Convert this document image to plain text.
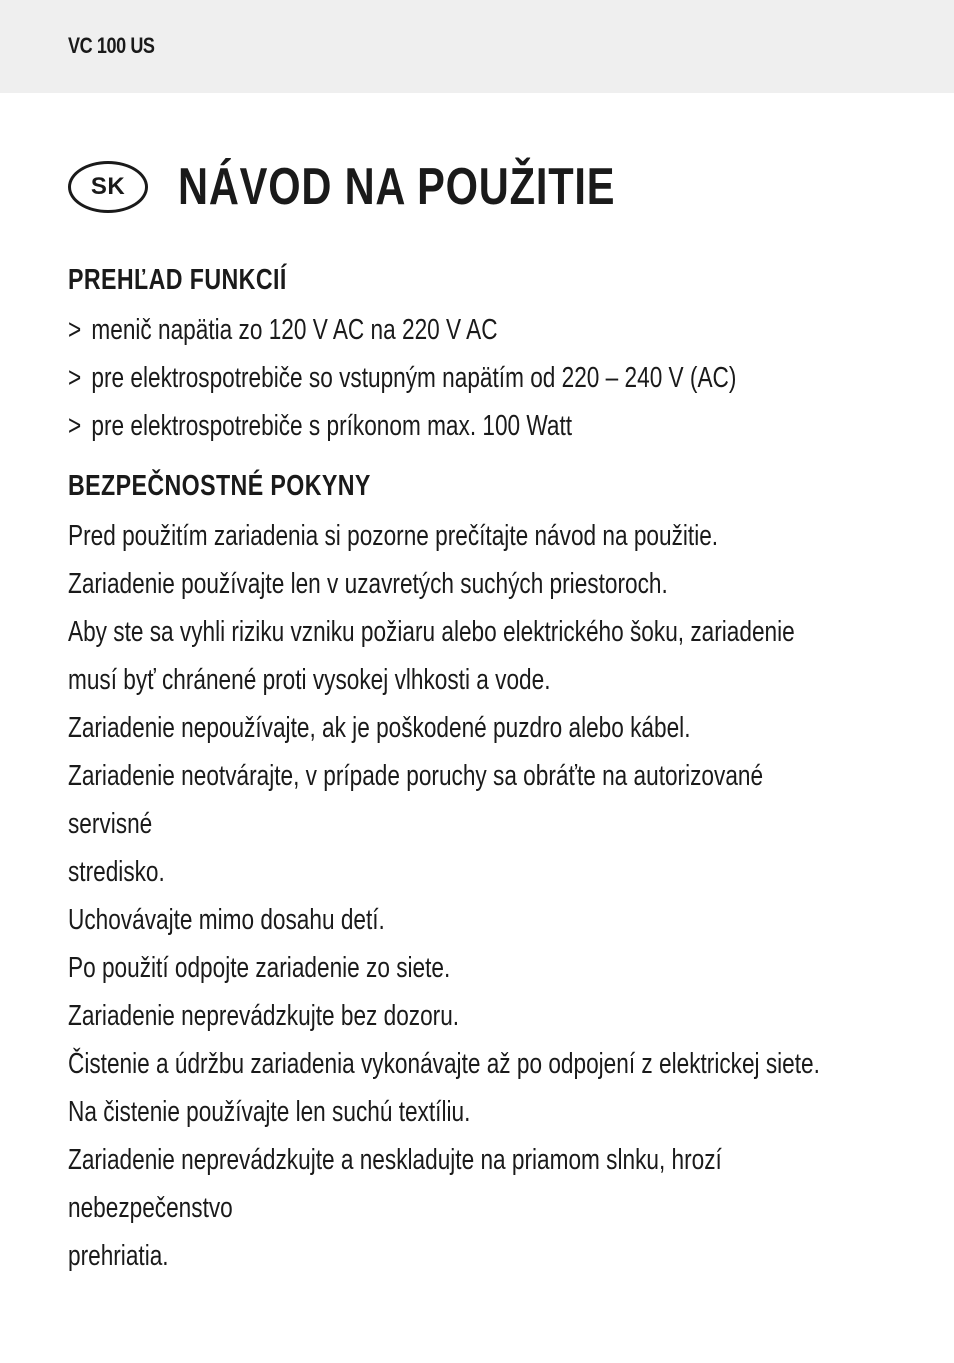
VC 100 US
SK	NÁVOD NA POUŽITIE
PREHĽAD FUNKCIÍ
> menič napätia zo 120 V AC na 220 V AC
> pre elektrospotrebiče so vstupným napätím od 220 – 240 V (AC)
> pre elektrospotrebiče s príkonom max. 100 Watt
BEZPEČNOSTNÉ POKYNY
Pred použitím zariadenia si pozorne prečítajte návod na použitie.
Zariadenie používajte len v uzavretých suchých priestoroch.
Aby ste sa vyhli riziku vzniku požiaru alebo elektrického šoku, zariadenie
musí byť chránené proti vysokej vlhkosti a vode.
Zariadenie nepoužívajte, ak je poškodené puzdro alebo kábel.
Zariadenie neotvárajte, v prípade poruchy sa obráťte na autorizované
servisné
stredisko.
Uchovávajte mimo dosahu detí.
Po použití odpojte zariadenie zo siete.
Zariadenie neprevádzkujte bez dozoru.
Čistenie a údržbu zariadenia vykonávajte až po odpojení z elektrickej siete.
Na čistenie používajte len suchú textíliu.
Zariadenie neprevádzkujte a neskladujte na priamom slnku, hrozí
nebezpečenstvo
prehriatia.
